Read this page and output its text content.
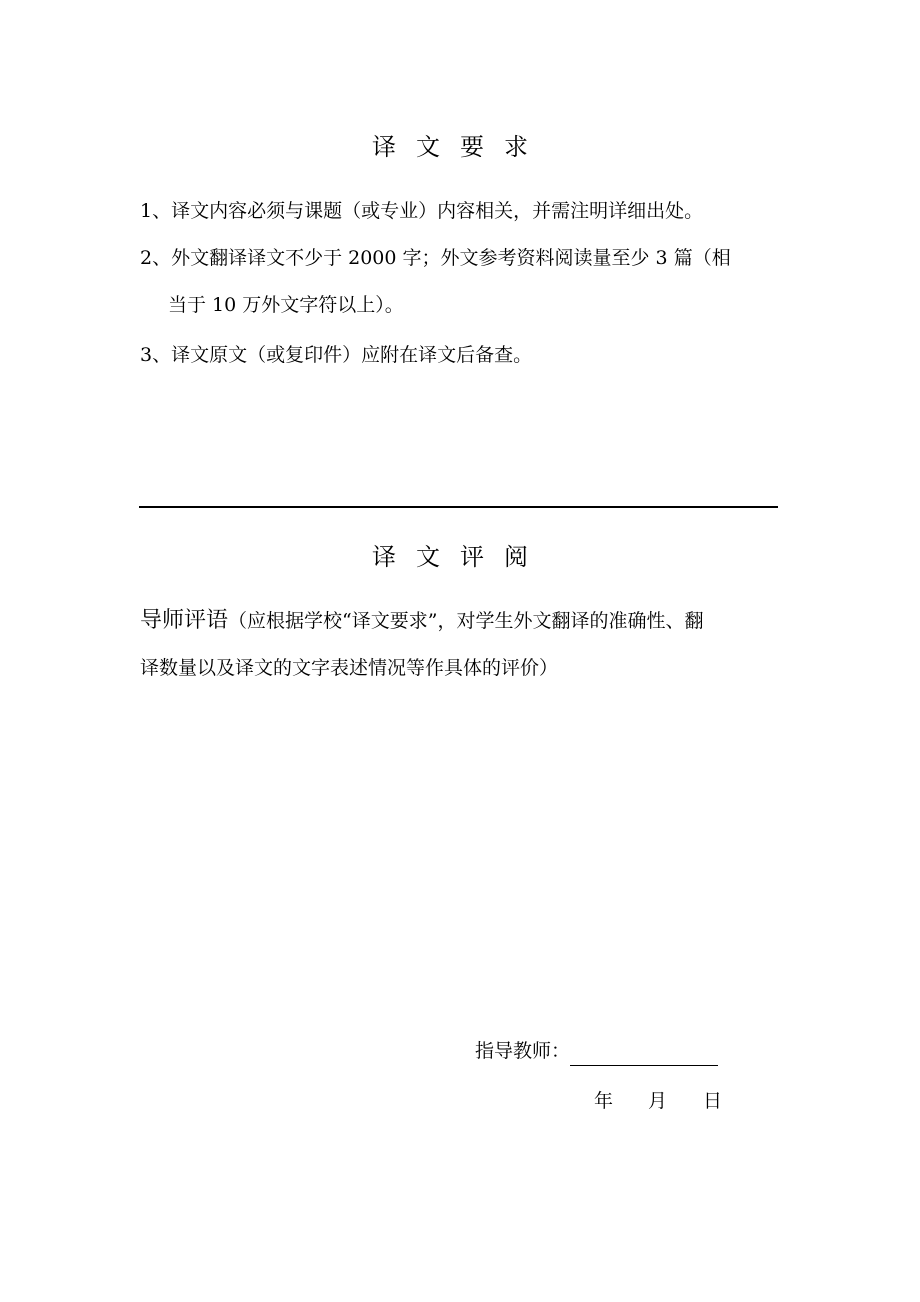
译文要求
1、译文内容必须与课题（或专业）内容相关，并需注明详细出处。
2、外文翻译译文不少于 2000 字；外文参考资料阅读量至少 3 篇（相
当于 10 万外文字符以上）。
3、译文原文（或复印件）应附在译文后备查。
译文评阅
导师评语（应根据学校“译文要求”，对学生外文翻译的准确性、翻
译数量以及译文的文字表述情况等作具体的评价）
指导教师：
年 月 日
